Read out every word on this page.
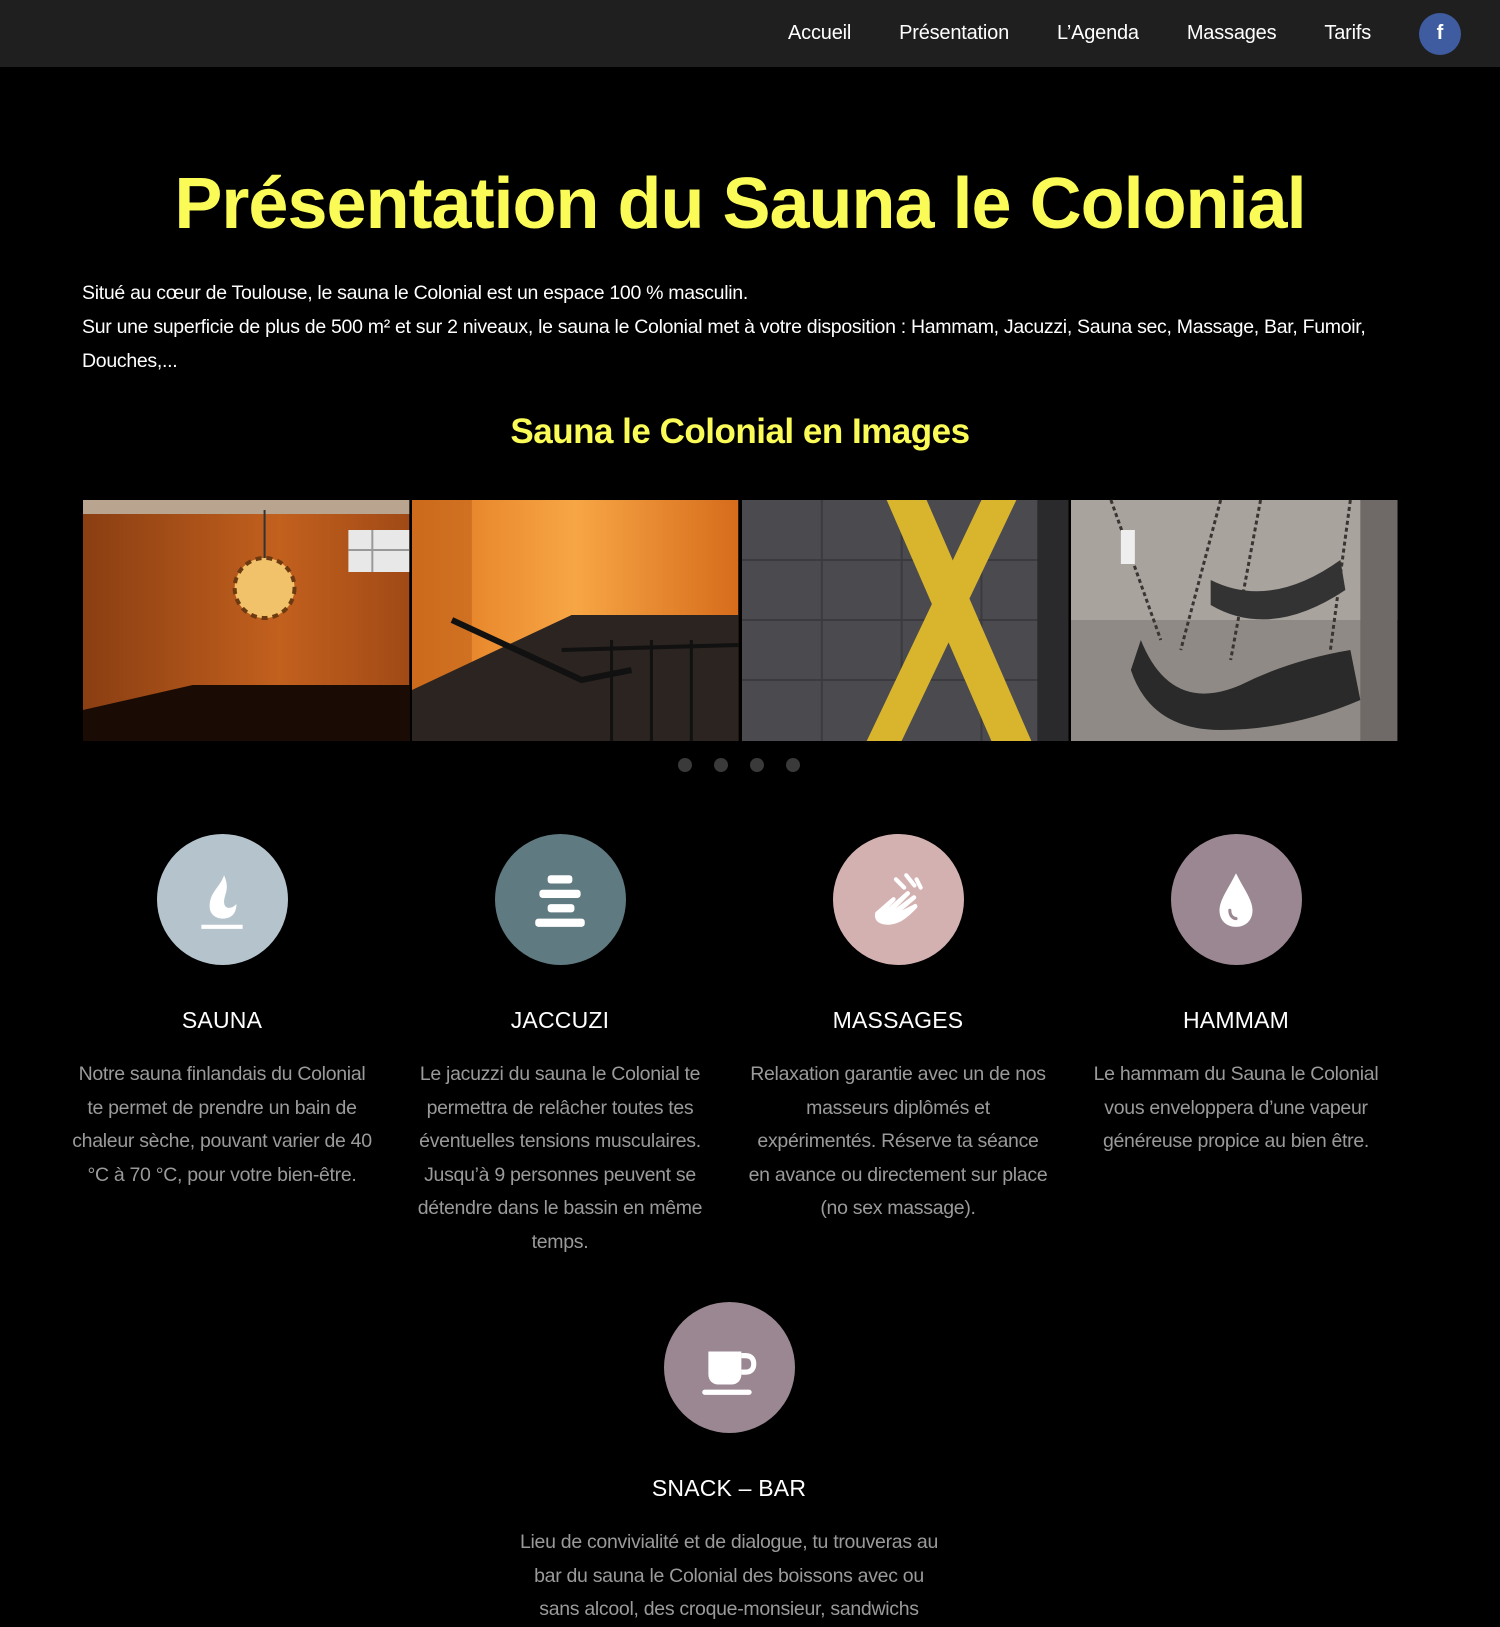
Accueil Présentation L’Agenda Massages Tarifs	f
Présentation du Sauna le Colonial
Situé au cœur de Toulouse, le sauna le Colonial est un espace 100 % masculin.
Sur une superficie de plus de 500 m² et sur 2 niveaux, le sauna le Colonial met à votre disposition : Hammam, Jacuzzi, Sauna sec, Massage, Bar, Fumoir, Douches,...
Sauna le Colonial en Images
SAUNA

Notre sauna finlandais du Colonial te permet de prendre un bain de chaleur sèche, pouvant varier de 40 °C à 70 °C, pour votre bien-être.

JACCUZI

Le jacuzzi du sauna le Colonial te permettra de relâcher toutes tes éventuelles tensions musculaires. Jusqu’à 9 personnes peuvent se détendre dans le bassin en même temps.

MASSAGES

Relaxation garantie avec un de nos masseurs diplômés et expérimentés. Réserve ta séance en avance ou directement sur place (no sex massage).

HAMMAM

Le hammam du Sauna le Colonial vous enveloppera d’une vapeur généreuse propice au bien être.

SNACK – BAR

Lieu de convivialité et de dialogue, tu trouveras au bar du sauna le Colonial des boissons avec ou sans alcool, des croque-monsieur, sandwichs
